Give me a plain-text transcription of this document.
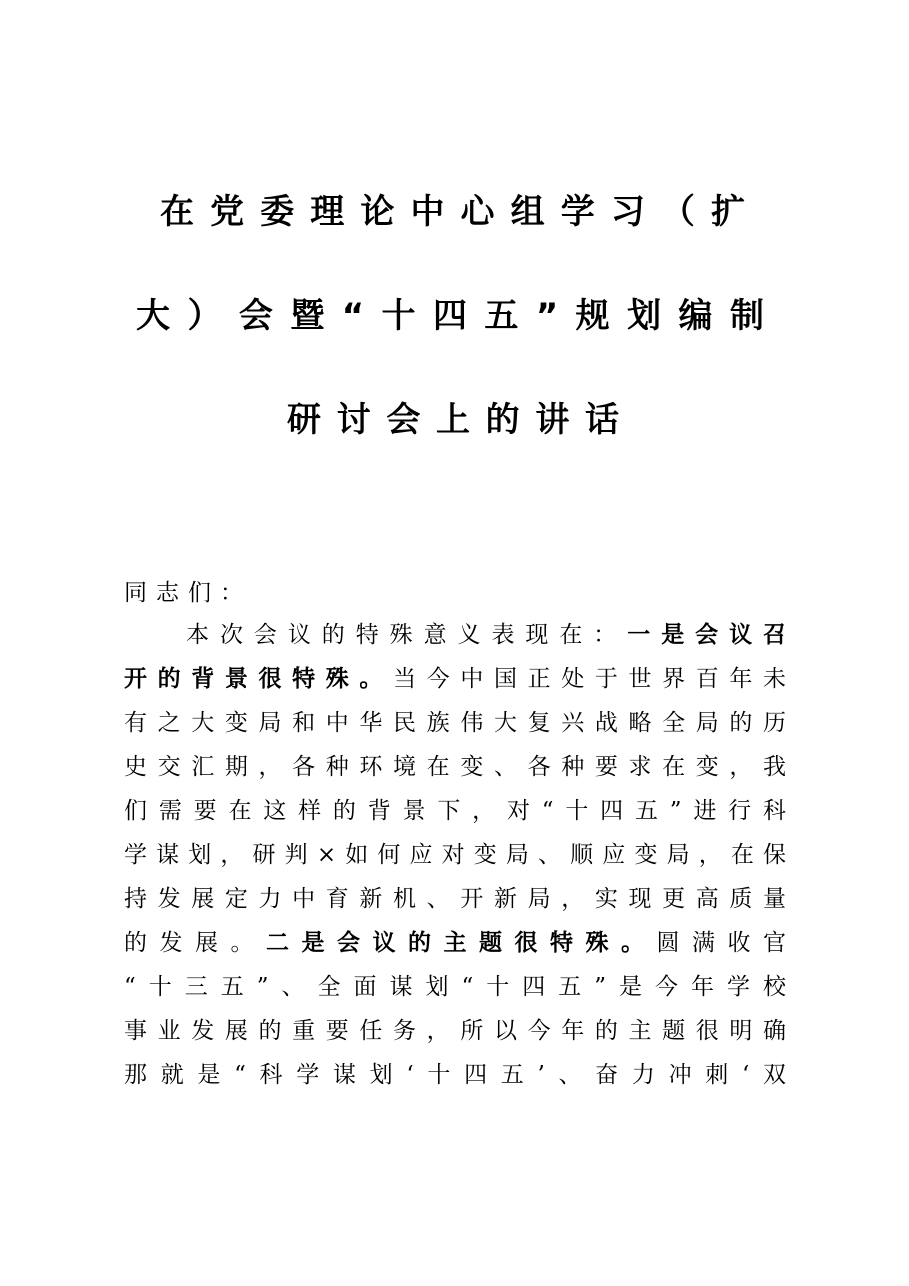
在党委理论中心组学习（扩
大）会暨“十四五”规划编制
研讨会上的讲话
同志们：
本次会议的特殊意义表现在：一是会议召
开的背景很特殊。当今中国正处于世界百年未
有之大变局和中华民族伟大复兴战略全局的历
史交汇期，各种环境在变、各种要求在变，我
们需要在这样的背景下，对“十四五”进行科
学谋划，研判×如何应对变局、顺应变局，在保
持发展定力中育新机、开新局，实现更高质量
的发展。二是会议的主题很特殊。圆满收官
“十三五”、全面谋划“十四五”是今年学校
事业发展的重要任务，所以今年的主题很明确
那就是“科学谋划‘十四五’、奋力冲刺‘双
